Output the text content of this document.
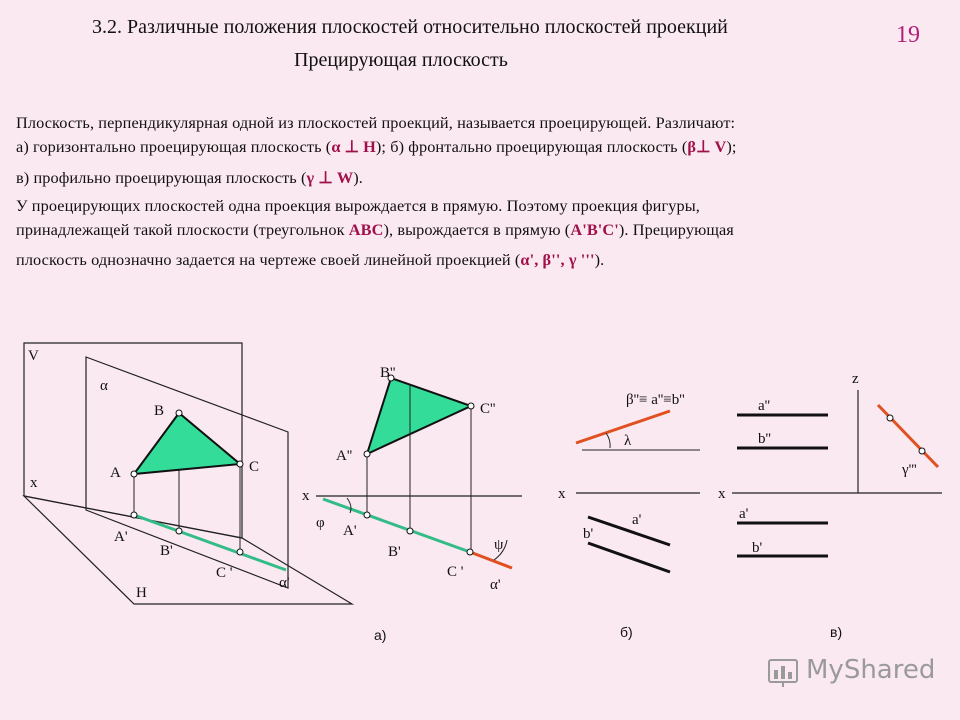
3.2. Различные положения плоскостей относительно плоскостей проекций
Прецирующая плоскость
19
Плоскость, перпендикулярная одной из плоскостей проекций, называется проецирующей. Различают:
а) горизонтально проецирующая плоскость (α ⊥ H); б) фронтально проецирующая плоскость (β⊥ V);
в) профильно проецирующая плоскость (γ ⊥ W).
У проецирующих плоскостей одна проекция вырождается в прямую. Поэтому проекция фигуры,
принадлежащей такой плоскости (треугольнок ABC), вырождается в прямую (A'B'C'). Прецирующая
плоскость однозначно задается на чертеже своей линейной проекцией (α', β'', γ ''').
V
x
H
α
A
B
C
A'
B'
C '
α'
B''
C''
A''
x
φ A'
B'
C '
ψ
α'
а)
β''≡ a''≡b''
λ
x
a'
b'
б)
a''
b''
x
a'
b'
z
γ'''
в)
MyShared
